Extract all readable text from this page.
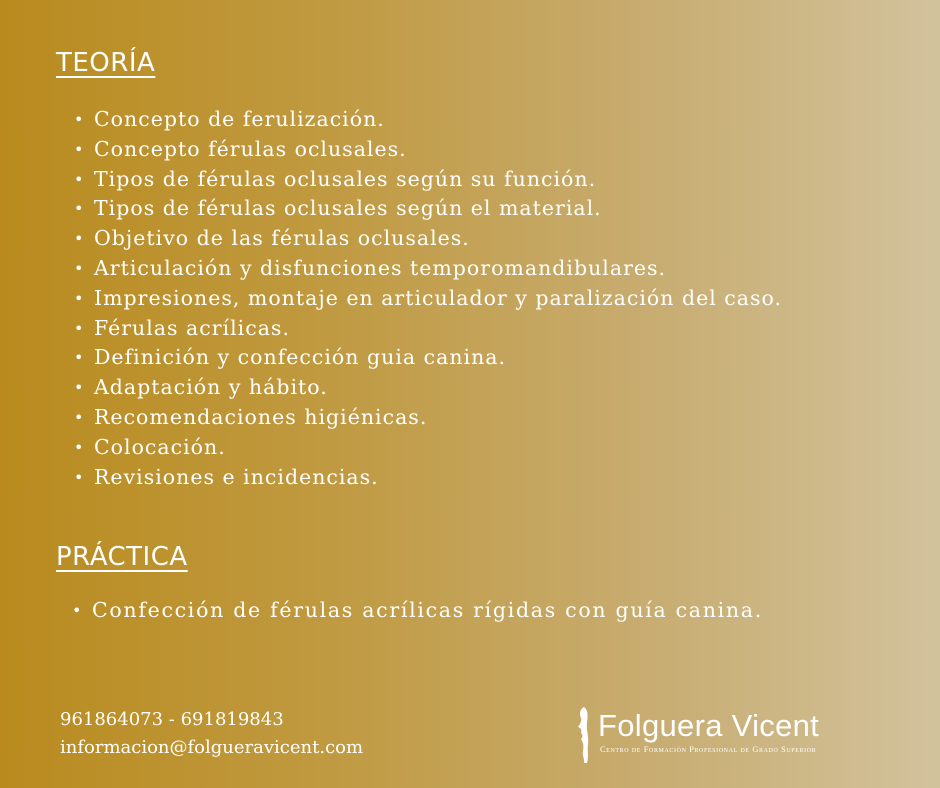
TEORÍA
• Concepto de ferulización.
• Concepto férulas oclusales.
• Tipos de férulas oclusales según su función.
• Tipos de férulas oclusales según el material.
• Objetivo de las férulas oclusales.
• Articulación y disfunciones temporomandibulares.
• Impresiones, montaje en articulador y paralización del caso.
• Férulas acrílicas.
• Definición y confección guia canina.
• Adaptación y hábito.
• Recomendaciones higiénicas.
• Colocación.
• Revisiones e incidencias.
PRÁCTICA
• Confección de férulas acrílicas rígidas con guía canina.
961864073 - 691819843
informacion@folgueravicent.com
Folguera Vicent
Centro de Formación Profesional de Grado Superior
